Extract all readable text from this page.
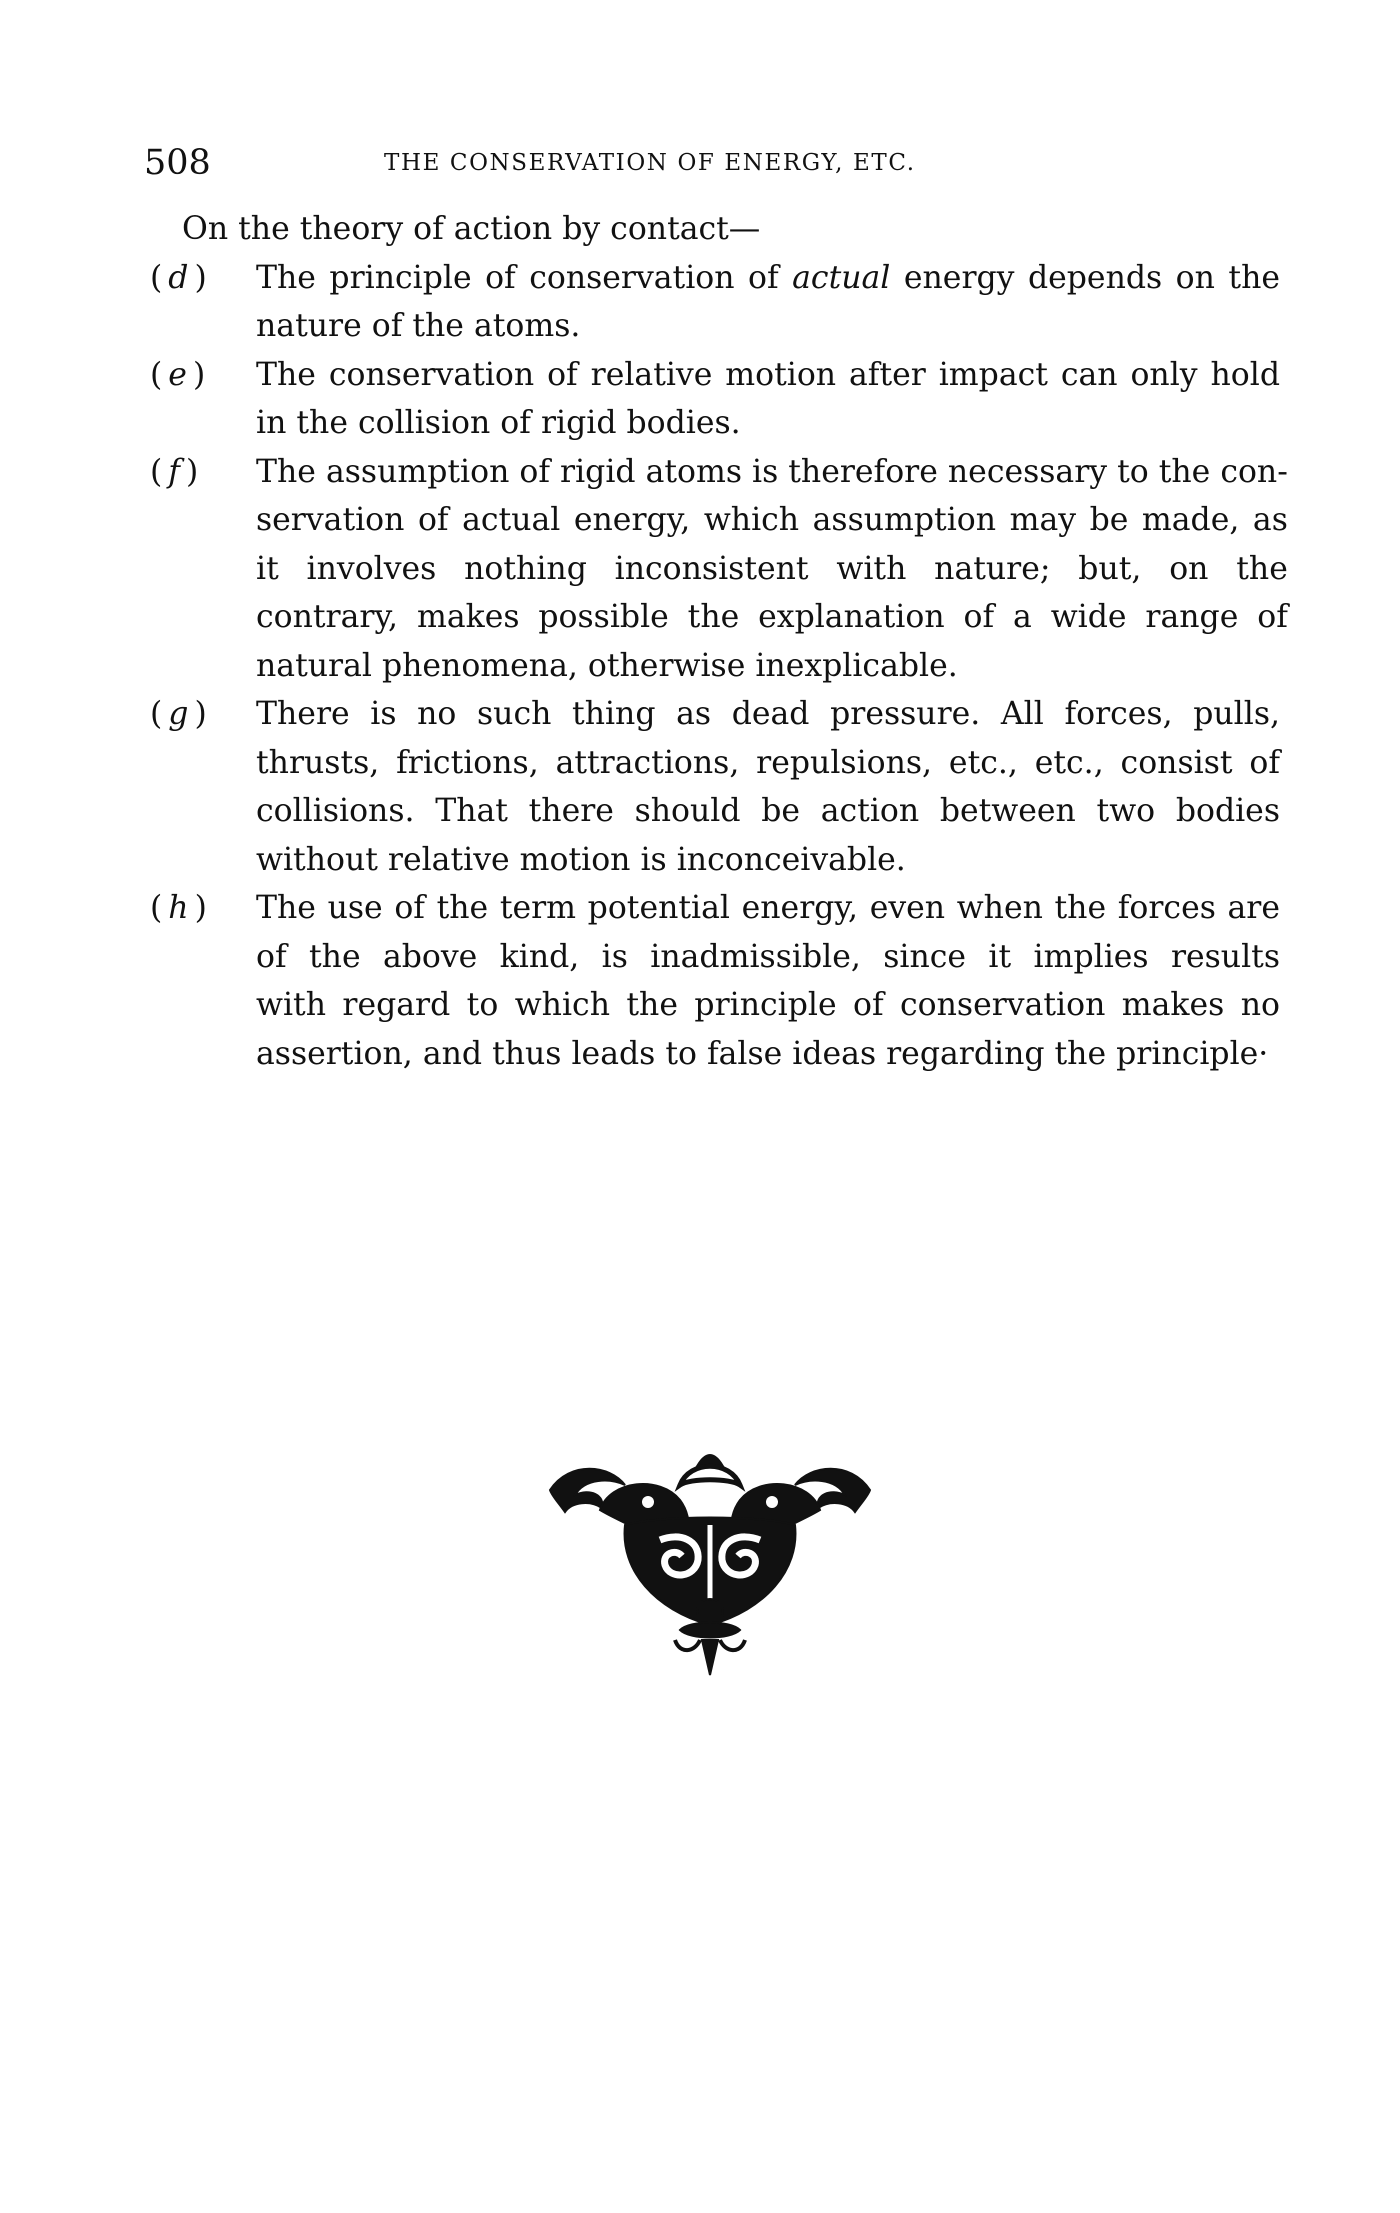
508	THE CONSERVATION OF ENERGY, ETC.
On the theory of action by contact—
( d )	The principle of conservation of actual energy depends on the
nature of the atoms.
( e )	The conservation of relative motion after impact can only hold
in the collision of rigid bodies.
( f )	The assumption of rigid atoms is therefore necessary to the con-
servation of actual energy, which assumption may be made, as
it involves nothing inconsistent with nature; but, on the
contrary, makes possible the explanation of a wide range of
natural phenomena, otherwise inexplicable.
( g )	There is no such thing as dead pressure. All forces, pulls,
thrusts, frictions, attractions, repulsions, etc., etc., consist of
collisions. That there should be action between two bodies
without relative motion is inconceivable.
( h )	The use of the term potential energy, even when the forces are
of the above kind, is inadmissible, since it implies results
with regard to which the principle of conservation makes no
assertion, and thus leads to false ideas regarding the principle·
